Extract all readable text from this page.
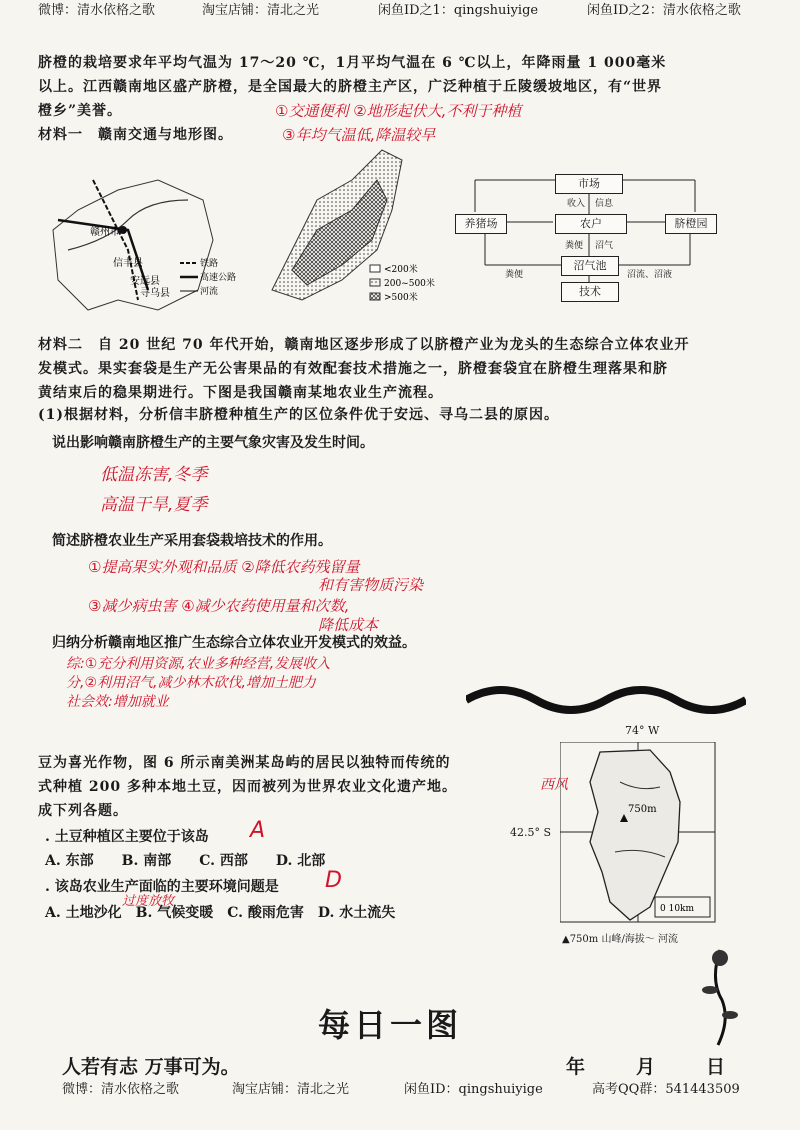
微博：清水依格之歌	淘宝店铺：清北之光	闲鱼ID之1：qingshuiyige	闲鱼ID之2：清水依格之歌
脐橙的栽培要求年平均气温为 17～20 ℃，1月平均气温在 6 ℃以上，年降雨量 1 000毫米
以上。江西赣南地区盛产脐橙，是全国最大的脐橙主产区，广泛种植于丘陵缓坡地区，有“世界
橙乡”美誉。
材料一　赣南交通与地形图。
①交通便利 ②地形起伏大,不利于种植
③年均气温低,降温较早
赣州市
信丰县
安远县
寻乌县
铁路
高速公路
河流
<200米
200~500米
>500米
市场
农户
养猪场	脐橙园
沼气池
技术
收入 信息
粪便 沼气
粪便	沼流、沼液
材料二　自 20 世纪 70 年代开始，赣南地区逐步形成了以脐橙产业为龙头的生态综合立体农业开
发模式。果实套袋是生产无公害果品的有效配套技术措施之一，脐橙套袋宜在脐橙生理落果和脐
黄结束后的稳果期进行。下图是我国赣南某地农业生产流程。
(1)根据材料，分析信丰脐橙种植生产的区位条件优于安远、寻乌二县的原因。
说出影响赣南脐橙生产的主要气象灾害及发生时间。
低温冻害,冬季
高温干旱,夏季
简述脐橙农业生产采用套袋栽培技术的作用。
①提高果实外观和品质 ②降低农药残留量
和有害物质污染
③减少病虫害 ④减少农药使用量和次数,
降低成本
归纳分析赣南地区推广生态综合立体农业开发模式的效益。
综:①充分利用资源,农业多种经营,发展收入
分,②利用沼气,减少林木砍伐,增加土肥力
社会效:增加就业
豆为喜光作物，图 6 所示南美洲某岛屿的居民以独特而传统的
式种植 200 多种本地土豆，因而被列为世界农业文化遗产地。
成下列各题。
. 土豆种植区主要位于该岛 A
A. 东部　　B. 南部　　C. 西部　　D. 北部
. 该岛农业生产面临的主要环境问题是 D
过度放牧
A. 土地沙化　B. 气候变暖　C. 酸雨危害　D. 水土流失
750m
0 10km
74° W
42.5° S
西风
▲750m 山峰/海拔～ 河流
每日一图
人若有志 万事可为。	年	月	日
微博：清水依格之歌	淘宝店铺：清北之光	闲鱼ID：qingshuiyige	高考QQ群：541443509
